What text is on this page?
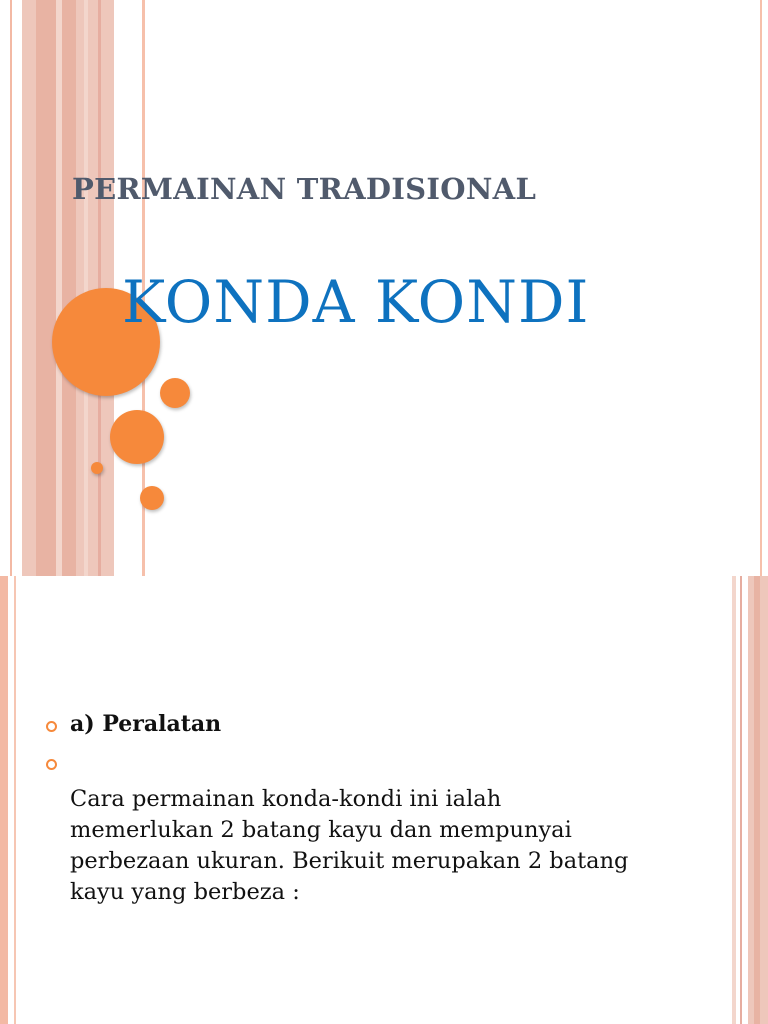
PERMAINAN TRADISIONAL
KONDA KONDI
a) Peralatan
Cara permainan konda-kondi ini ialah
memerlukan 2 batang kayu dan mempunyai
perbezaan ukuran. Berikuit merupakan 2 batang
kayu yang berbeza :
